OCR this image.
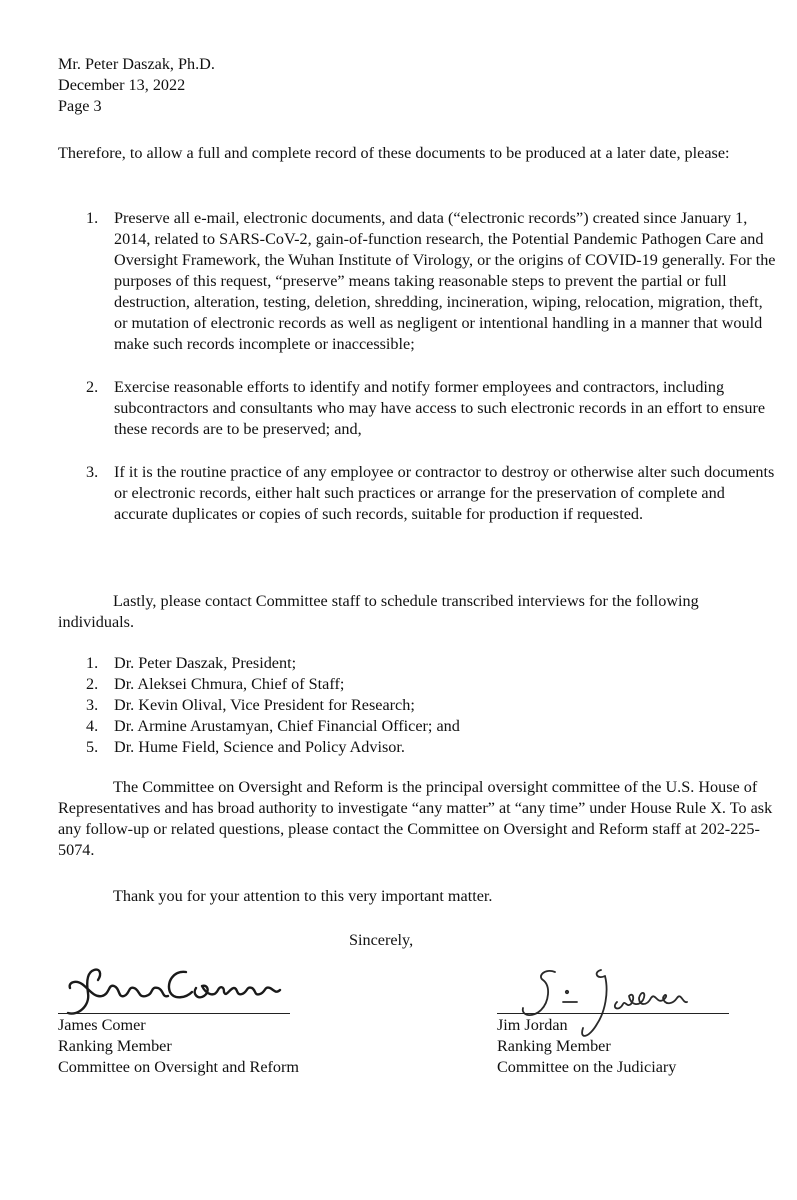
Mr. Peter Daszak, Ph.D.
December 13, 2022
Page 3

Therefore, to allow a full and complete record of these documents to be produced at a later date, please:

1. Preserve all e-mail, electronic documents, and data (“electronic records”) created since January 1, 2014, related to SARS-CoV-2, gain-of-function research, the Potential Pandemic Pathogen Care and Oversight Framework, the Wuhan Institute of Virology, or the origins of COVID-19 generally. For the purposes of this request, “preserve” means taking reasonable steps to prevent the partial or full destruction, alteration, testing, deletion, shredding, incineration, wiping, relocation, migration, theft, or mutation of electronic records as well as negligent or intentional handling in a manner that would make such records incomplete or inaccessible;

2. Exercise reasonable efforts to identify and notify former employees and contractors, including subcontractors and consultants who may have access to such electronic records in an effort to ensure these records are to be preserved; and,

3. If it is the routine practice of any employee or contractor to destroy or otherwise alter such documents or electronic records, either halt such practices or arrange for the preservation of complete and accurate duplicates or copies of such records, suitable for production if requested.

Lastly, please contact Committee staff to schedule transcribed interviews for the following individuals.

1. Dr. Peter Daszak, President;
2. Dr. Aleksei Chmura, Chief of Staff;
3. Dr. Kevin Olival, Vice President for Research;
4. Dr. Armine Arustamyan, Chief Financial Officer; and
5. Dr. Hume Field, Science and Policy Advisor.

The Committee on Oversight and Reform is the principal oversight committee of the U.S. House of Representatives and has broad authority to investigate “any matter” at “any time” under House Rule X. To ask any follow-up or related questions, please contact the Committee on Oversight and Reform staff at 202-225-5074.

Thank you for your attention to this very important matter.

Sincerely,

James Comer
Ranking Member
Committee on Oversight and Reform
Jim Jordan
Ranking Member
Committee on the Judiciary
